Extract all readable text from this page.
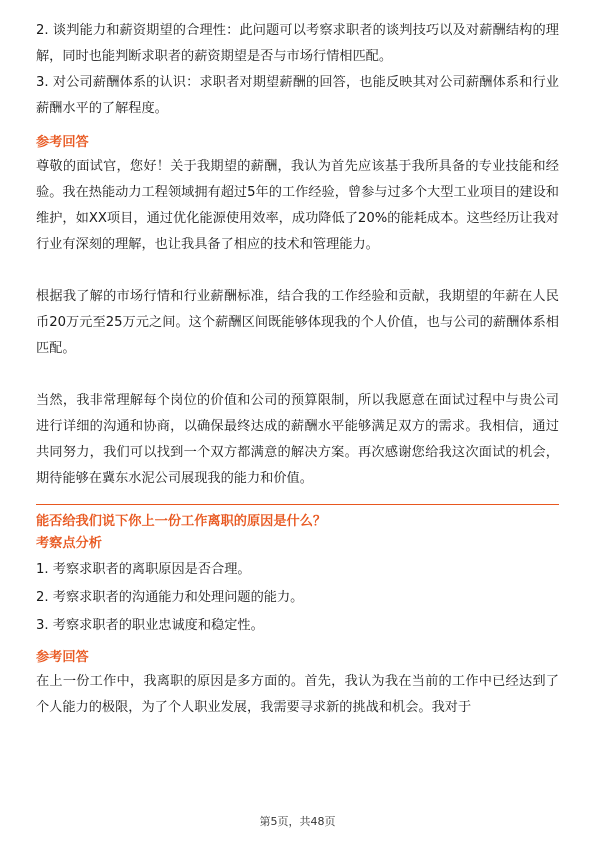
2. 谈判能力和薪资期望的合理性：此问题可以考察求职者的谈判技巧以及对薪酬结构的理解，同时也能判断求职者的薪资期望是否与市场行情相匹配。

3. 对公司薪酬体系的认识：求职者对期望薪酬的回答，也能反映其对公司薪酬体系和行业薪酬水平的了解程度。

参考回答

尊敬的面试官，您好！关于我期望的薪酬，我认为首先应该基于我所具备的专业技能和经验。我在热能动力工程领域拥有超过5年的工作经验，曾参与过多个大型工业项目的建设和维护，如XX项目，通过优化能源使用效率，成功降低了20%的能耗成本。这些经历让我对行业有深刻的理解，也让我具备了相应的技术和管理能力。

根据我了解的市场行情和行业薪酬标准，结合我的工作经验和贡献，我期望的年薪在人民币20万元至25万元之间。这个薪酬区间既能够体现我的个人价值，也与公司的薪酬体系相匹配。

当然，我非常理解每个岗位的价值和公司的预算限制，所以我愿意在面试过程中与贵公司进行详细的沟通和协商，以确保最终达成的薪酬水平能够满足双方的需求。我相信，通过共同努力，我们可以找到一个双方都满意的解决方案。再次感谢您给我这次面试的机会，期待能够在冀东水泥公司展现我的能力和价值。

能否给我们说下你上一份工作离职的原因是什么？
考察点分析
1. 考察求职者的离职原因是否合理。
2. 考察求职者的沟通能力和处理问题的能力。
3. 考察求职者的职业忠诚度和稳定性。
参考回答

在上一份工作中，我离职的原因是多方面的。首先，我认为我在当前的工作中已经达到了个人能力的极限，为了个人职业发展，我需要寻求新的挑战和机会。我对于

第5页，共48页
